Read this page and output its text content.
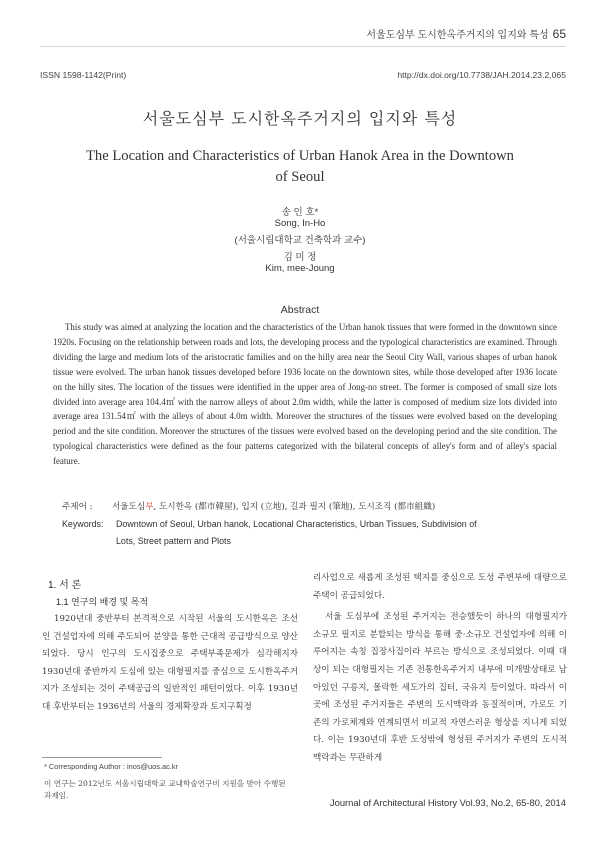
서울도심부 도시한옥주거지의 입지와 특성 65
ISSN 1598-1142(Print)	http://dx.doi.org/10.7738/JAH.2014.23.2.065
서울도심부 도시한옥주거지의 입지와 특성
The Location and Characteristics of Urban Hanok Area in the Downtown of Seoul
송 인 호*
Song, In-Ho
(서울시립대학교 건축학과 교수)
김 미 정
Kim, mee-Joung
Abstract

This study was aimed at analyzing the location and the characteristics of the Urban hanok tissues that were formed in the downtown since 1920s. Focusing on the relationship between roads and lots, the developing process and the typological characteristics are examined. Through dividing the large and medium lots of the aristocratic families and on the hilly area near the Seoul City Wall, various shapes of urban hanok tissue were evolved. The urban hanok tissues developed before 1936 locate on the downtown sites, while those developed after 1936 locate on the hilly sites. The location of the tissues were identified in the upper area of Jong-no street. The former is composed of small size lots divided into average area 104.4㎡ with the narrow alleys of about 2.0m width, while the latter is composed of medium size lots divided into average area 131.54㎡ with the alleys of about 4.0m width. Moreover the structures of the tissues were evolved based on the developing period and the site condition. Moreover the structures of the tissues were evolved based on the developing period and the site condition. The typological characteristics were defined as the four patterns categorized with the bilateral concepts of alley's form and of alley's spacial feature.

주제어 : 서울도심부, 도시한옥 (都市韓屋), 입지 (立地), 길과 필지 (筆地), 도시조직 (都市組織)
Keywords: Downtown of Seoul, Urban hanok, Locational Characteristics, Urban Tissues, Subdivision of
Lots, Street pattern and Plots
1. 서 론
1.1 연구의 배경 및 목적

1920년대 중반부터 본격적으로 시작된 서울의 도시한옥은 조선인 건설업자에 의해 주도되어 분양을 통한 근대적 공급방식으로 양산되었다. 당시 인구의 도시집중으로 주택부족문제가 심각해지자 1930년대 중반까지 도심에 있는 대형필지를 중심으로 도시한옥주거지가 조성되는 것이 주택공급의 일반적인 패턴이었다. 이후 1930년대 후반부터는 1936년의 서울의 경제확장과 토지구획정

리사업으로 새롭게 조성된 택지를 중심으로 도성 주변부에 대량으로 주택이 공급되었다.

서울 도심부에 조성된 주거지는 전승했듯이 하나의 대형필지가 소규모 필지로 분할되는 방식을 통해 중·소규모 건설업자에 의해 이루어지는 속칭 집장사집이라 부르는 방식으로 조성되었다. 이때 대상이 되는 대형필지는 기존 전통한옥주거지 내부에 미개발상태로 남아있던 구릉지, 몰락한 세도가의 집터, 국유지 등이었다. 따라서 이곳에 조성된 주거지들은 주변의 도시맥락과 동질적이며, 가로도 기존의 가로체계와 연계되면서 비교적 자연스러운 형상을 지니게 되었다. 이는 1930년대 후반 도성밖에 형성된 주거지가 주변의 도시적 맥락과는 무관하게

* Corresponding Author : inos@uos.ac.kr
이 연구는 2012년도 서울시립대학교 교내학술연구비 지원을 받아 수행된 과제임.
Journal of Architectural History Vol.93, No.2, 65-80, 2014
